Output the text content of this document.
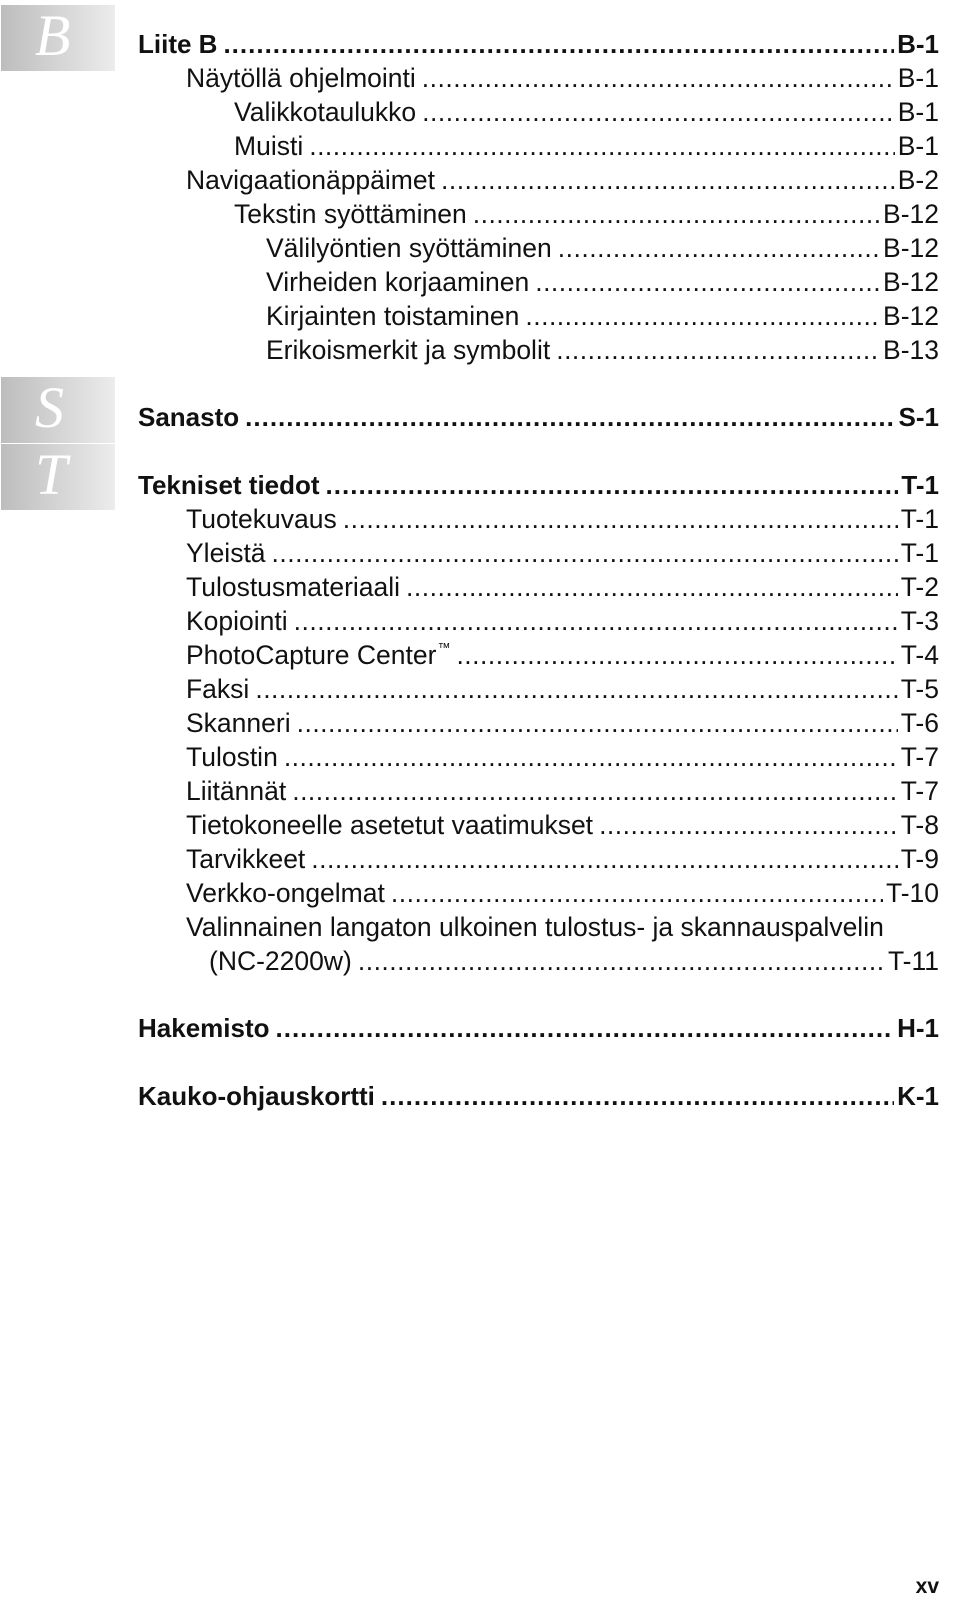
B
S
T
Liite B .....	B-1
Näytöllä ohjelmointi .....	B-1
Valikkotaulukko .....	B-1
Muisti .....	B-1
Navigaationäppäimet .....	B-2
Tekstin syöttäminen .....	B-12
Välilyöntien syöttäminen .....	B-12
Virheiden korjaaminen .....	B-12
Kirjainten toistaminen .....	B-12
Erikoismerkit ja symbolit .....	B-13
Sanasto .....	S-1
Tekniset tiedot .....	T-1
Tuotekuvaus .....	T-1
Yleistä .....	T-1
Tulostusmateriaali .....	T-2
Kopiointi .....	T-3
PhotoCapture Center™ .....	T-4
Faksi .....	T-5
Skanneri .....	T-6
Tulostin .....	T-7
Liitännät .....	T-7
Tietokoneelle asetetut vaatimukset .....	T-8
Tarvikkeet .....	T-9
Verkko-ongelmat .....	T-10
Valinnainen langaton ulkoinen tulostus- ja skannauspalvelin
(NC-2200w) .....	T-11
Hakemisto .....	H-1
Kauko-ohjauskortti .....	K-1
xv
